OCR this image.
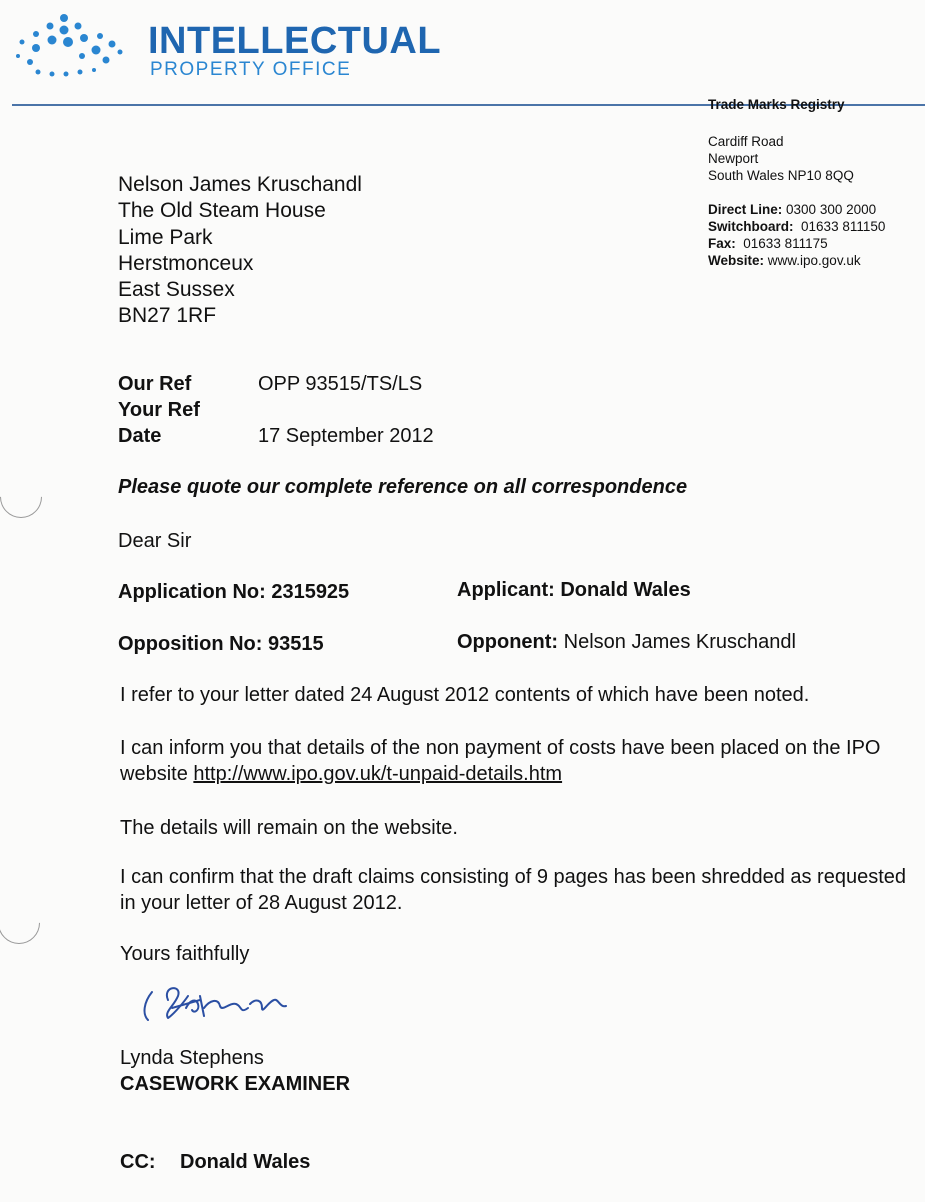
INTELLECTUAL
PROPERTY OFFICE
Trade Marks Registry
Cardiff Road
Newport
South Wales NP10 8QQ
Direct Line: 0300 300 2000
Switchboard: 01633 811150
Fax: 01633 811175
Website: www.ipo.gov.uk
Nelson James Kruschandl
The Old Steam House
Lime Park
Herstmonceux
East Sussex
BN27 1RF
Our Ref	OPP 93515/TS/LS
Your Ref
Date	17 September 2012
Please quote our complete reference on all correspondence
Dear Sir
Application No: 2315925	Applicant: Donald Wales
Opposition No: 93515	Opponent: Nelson James Kruschandl
I refer to your letter dated 24 August 2012 contents of which have been noted.
I can inform you that details of the non payment of costs have been placed on the IPO website http://www.ipo.gov.uk/t-unpaid-details.htm
The details will remain on the website.
I can confirm that the draft claims consisting of 9 pages has been shredded as requested in your letter of 28 August 2012.
Yours faithfully
Lynda Stephens
CASEWORK EXAMINER
CC: Donald Wales
